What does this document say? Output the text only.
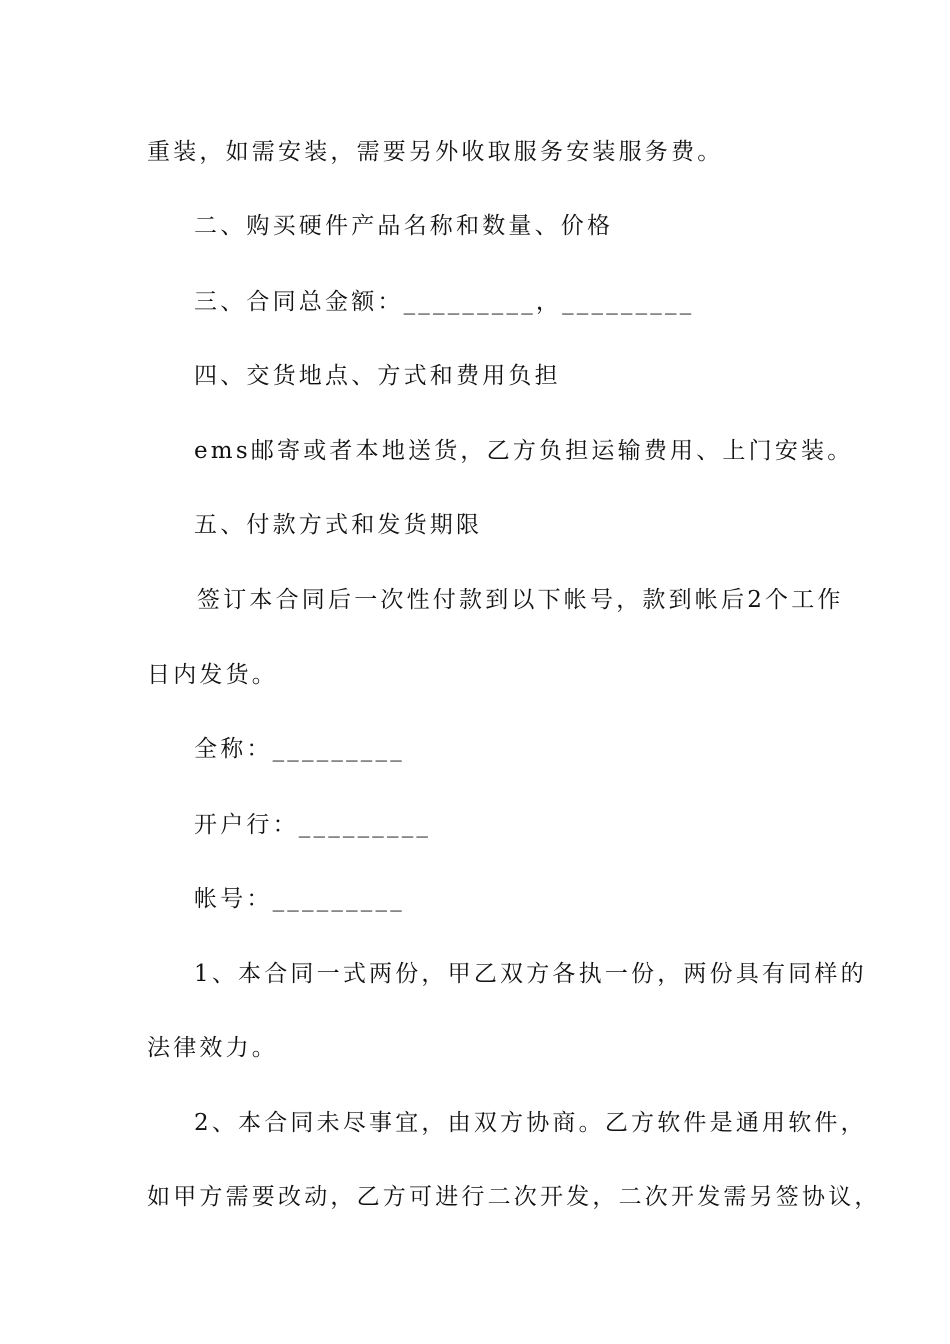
重装，如需安装，需要另外收取服务安装服务费。
二、购买硬件产品名称和数量、价格
三、合同总金额：_________，_________
四、交货地点、方式和费用负担
ems邮寄或者本地送货，乙方负担运输费用、上门安装。
五、付款方式和发货期限
签订本合同后一次性付款到以下帐号，款到帐后2个工作
日内发货。
全称：_________
开户行：_________
帐号：_________
1、本合同一式两份，甲乙双方各执一份，两份具有同样的
法律效力。
2、本合同未尽事宜，由双方协商。乙方软件是通用软件，
如甲方需要改动，乙方可进行二次开发，二次开发需另签协议，
